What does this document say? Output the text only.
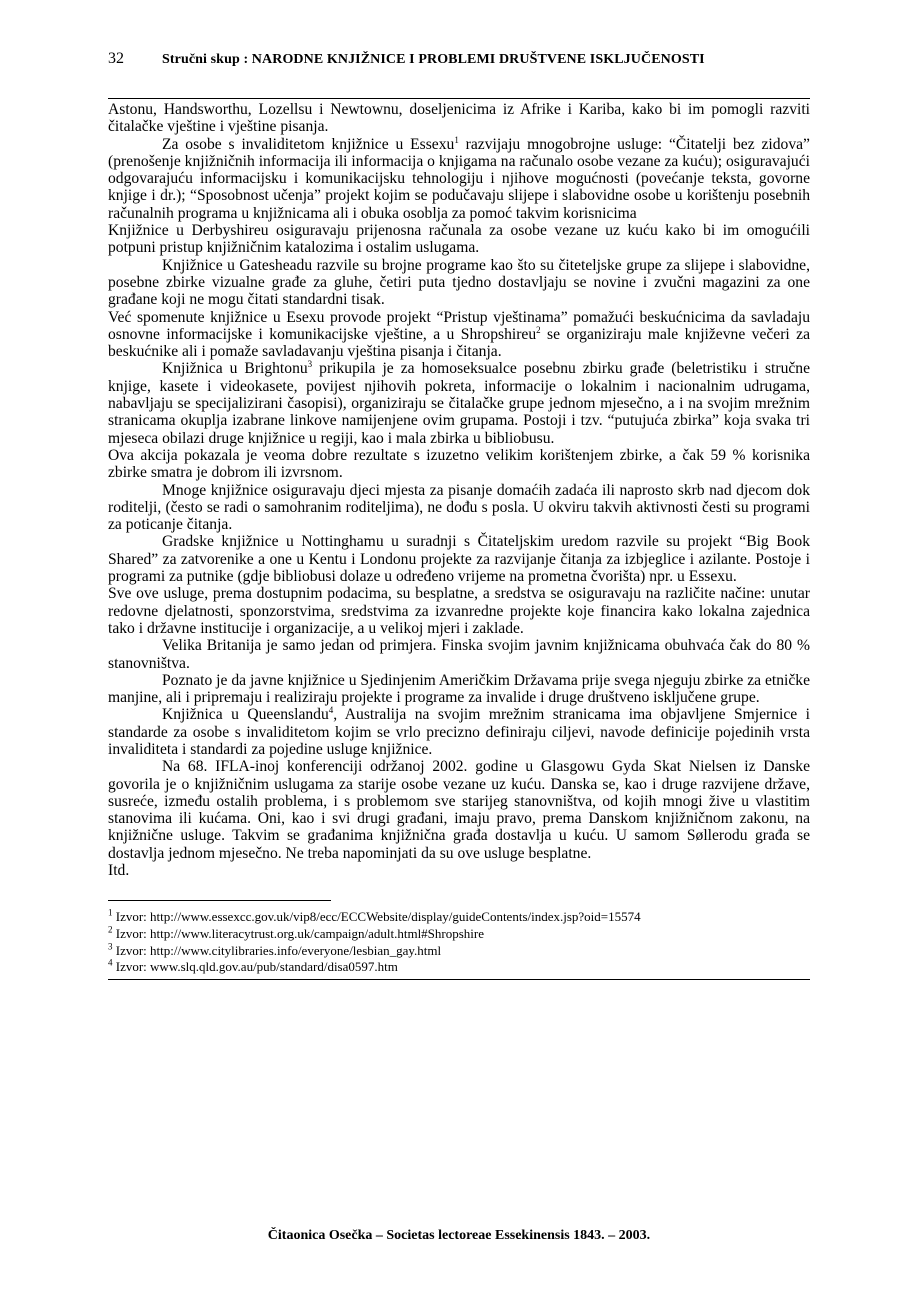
32	Stručni skup : NARODNE KNJIŽNICE I PROBLEMI DRUŠTVENE ISKLJUČENOSTI

Astonu, Handsworthu, Lozellsu i Newtownu, doseljenicima iz Afrike i Kariba, kako bi im pomogli razviti čitalačke vještine i vještine pisanja.

Za osobe s invaliditetom knjižnice u Essexu$^1$ razvijaju mnogobrojne usluge: “Čitatelji bez zidova” (prenošenje knjižničnih informacija ili informacija o knjigama na računalo osobe vezane za kuću); osiguravajući odgovarajuću informacijsku i komunikacijsku tehnologiju i njihove mogućnosti (povećanje teksta, govorne knjige i dr.); “Sposobnost učenja” projekt kojim se podučavaju slijepe i slabovidne osobe u korištenju posebnih računalnih programa u knjižnicama ali i obuka osoblja za pomoć takvim korisnicima

Knjižnice u Derbyshireu osiguravaju prijenosna računala za osobe vezane uz kuću kako bi im omogućili potpuni pristup knjižničnim katalozima i ostalim uslugama.

Knjižnice u Gatesheadu razvile su brojne programe kao što su čiteteljske grupe za slijepe i slabovidne, posebne zbirke vizualne građe za gluhe, četiri puta tjedno dostavljaju se novine i zvučni magazini za one građane koji ne mogu čitati standardni tisak.

Već spomenute knjižnice u Esexu provode projekt “Pristup vještinama” pomažući beskućnicima da savladaju osnovne informacijske i komunikacijske vještine, a u Shropshireu$^2$ se organiziraju male književne večeri za beskućnike ali i pomaže savladavanju vještina pisanja i čitanja.

Knjižnica u Brightonu$^3$ prikupila je za homoseksualce posebnu zbirku građe (beletristiku i stručne knjige, kasete i videokasete, povijest njihovih pokreta, informacije o lokalnim i nacionalnim udrugama, nabavljaju se specijalizirani časopisi), organiziraju se čitalačke grupe jednom mjesečno, a i na svojim mrežnim stranicama okuplja izabrane linkove namijenjene ovim grupama. Postoji i tzv. “putujuća zbirka” koja svaka tri mjeseca obilazi druge knjižnice u regiji, kao i mala zbirka u bibliobusu.

Ova akcija pokazala je veoma dobre rezultate s izuzetno velikim korištenjem zbirke, a čak 59 % korisnika zbirke smatra je dobrom ili izvrsnom.

Mnoge knjižnice osiguravaju djeci mjesta za pisanje domaćih zadaća ili naprosto skrb nad djecom dok roditelji, (često se radi o samohranim roditeljima), ne dođu s posla. U okviru takvih aktivnosti česti su programi za poticanje čitanja.

Gradske knjižnice u Nottinghamu u suradnji s Čitateljskim uredom razvile su projekt “Big Book Shared” za zatvorenike a one u Kentu i Londonu projekte za razvijanje čitanja za izbjeglice i azilante. Postoje i programi za putnike (gdje bibliobusi dolaze u određeno vrijeme na prometna čvorišta) npr. u Essexu.

Sve ove usluge, prema dostupnim podacima, su besplatne, a sredstva se osiguravaju na različite načine: unutar redovne djelatnosti, sponzorstvima, sredstvima za izvanredne projekte koje financira kako lokalna zajednica tako i državne institucije i organizacije, a u velikoj mjeri i zaklade.

Velika Britanija je samo jedan od primjera. Finska svojim javnim knjižnicama obuhvaća čak do 80 % stanovništva.

Poznato je da javne knjižnice u Sjedinjenim Američkim Državama prije svega njeguju zbirke za etničke manjine, ali i pripremaju i realiziraju projekte i programe za invalide i druge društveno isključene grupe.

Knjižnica u Queenslandu$^4$, Australija na svojim mrežnim stranicama ima objavljene Smjernice i standarde za osobe s invaliditetom kojim se vrlo precizno definiraju ciljevi, navode definicije pojedinih vrsta invaliditeta i standardi za pojedine usluge knjižnice.

Na 68. IFLA-inoj konferenciji održanoj 2002. godine u Glasgowu Gyda Skat Nielsen iz Danske govorila je o knjižničnim uslugama za starije osobe vezane uz kuću. Danska se, kao i druge razvijene države, susreće, između ostalih problema, i s problemom sve starijeg stanovništva, od kojih mnogi žive u vlastitim stanovima ili kućama. Oni, kao i svi drugi građani, imaju pravo, prema Danskom knjižničnom zakonu, na knjižnične usluge. Takvim se građanima knjižnična građa dostavlja u kuću. U samom Søllerodu građa se dostavlja jednom mjesečno. Ne treba napominjati da su ove usluge besplatne.

Itd.

$^1$ Izvor: http://www.essexcc.gov.uk/vip8/ecc/ECCWebsite/display/guideContents/index.jsp?oid=15574
$^2$ Izvor: http://www.literacytrust.org.uk/campaign/adult.html#Shropshire
$^3$ Izvor: http://www.citylibraries.info/everyone/lesbian_gay.html
$^4$ Izvor: www.slq.qld.gov.au/pub/standard/disa0597.htm
Čitaonica Osečka – Societas lectoreae Essekinensis 1843. – 2003.
